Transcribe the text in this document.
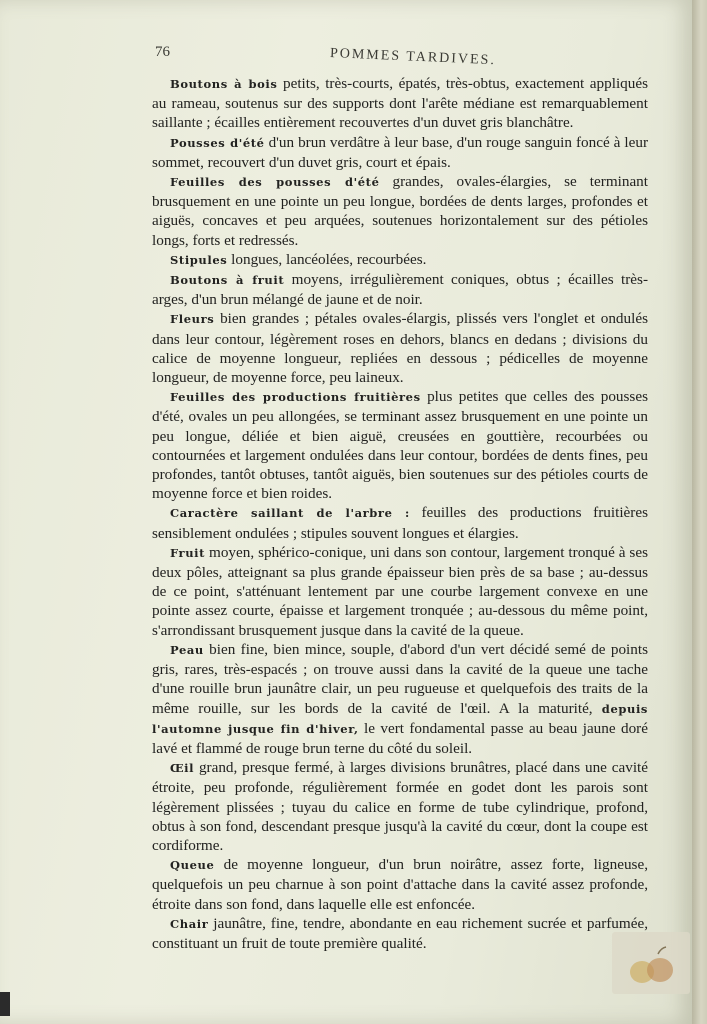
76	POMMES TARDIVES.

Boutons à bois petits, très-courts, épatés, très-obtus, exactement appliqués au rameau, soutenus sur des supports dont l'arête médiane est remarquablement saillante ; écailles entièrement recouvertes d'un duvet gris blanchâtre.

Pousses d'été d'un brun verdâtre à leur base, d'un rouge sanguin foncé à leur sommet, recouvert d'un duvet gris, court et épais.

Feuilles des pousses d'été grandes, ovales-élargies, se terminant brusquement en une pointe un peu longue, bordées de dents larges, profondes et aiguës, concaves et peu arquées, soutenues horizontalement sur des pétioles longs, forts et redressés.

Stipules longues, lancéolées, recourbées.

Boutons à fruit moyens, irrégulièrement coniques, obtus ; écailles très-arges, d'un brun mélangé de jaune et de noir.

Fleurs bien grandes ; pétales ovales-élargis, plissés vers l'onglet et ondulés dans leur contour, légèrement roses en dehors, blancs en dedans ; divisions du calice de moyenne longueur, repliées en dessous ; pédicelles de moyenne longueur, de moyenne force, peu laineux.

Feuilles des productions fruitières plus petites que celles des pousses d'été, ovales un peu allongées, se terminant assez brusquement en une pointe un peu longue, déliée et bien aiguë, creusées en gouttière, recourbées ou contournées et largement ondulées dans leur contour, bordées de dents fines, peu profondes, tantôt obtuses, tantôt aiguës, bien soutenues sur des pétioles courts de moyenne force et bien roides.

Caractère saillant de l'arbre : feuilles des productions fruitières sensiblement ondulées ; stipules souvent longues et élargies.

Fruit moyen, sphérico-conique, uni dans son contour, largement tronqué à ses deux pôles, atteignant sa plus grande épaisseur bien près de sa base ; au-dessus de ce point, s'atténuant lentement par une courbe largement convexe en une pointe assez courte, épaisse et largement tronquée ; au-dessous du même point, s'arrondissant brusquement jusque dans la cavité de la queue.

Peau bien fine, bien mince, souple, d'abord d'un vert décidé semé de points gris, rares, très-espacés ; on trouve aussi dans la cavité de la queue une tache d'une rouille brun jaunâtre clair, un peu rugueuse et quelquefois des traits de la même rouille, sur les bords de la cavité de l'œil. A la maturité, depuis l'automne jusque fin d'hiver, le vert fondamental passe au beau jaune doré lavé et flammé de rouge brun terne du côté du soleil.

Œil grand, presque fermé, à larges divisions brunâtres, placé dans une cavité étroite, peu profonde, régulièrement formée en godet dont les parois sont légèrement plissées ; tuyau du calice en forme de tube cylindrique, profond, obtus à son fond, descendant presque jusqu'à la cavité du cœur, dont la coupe est cordiforme.

Queue de moyenne longueur, d'un brun noirâtre, assez forte, ligneuse, quelquefois un peu charnue à son point d'attache dans la cavité assez profonde, étroite dans son fond, dans laquelle elle est enfoncée.

Chair jaunâtre, fine, tendre, abondante en eau richement sucrée et parfumée, constituant un fruit de toute première qualité.
